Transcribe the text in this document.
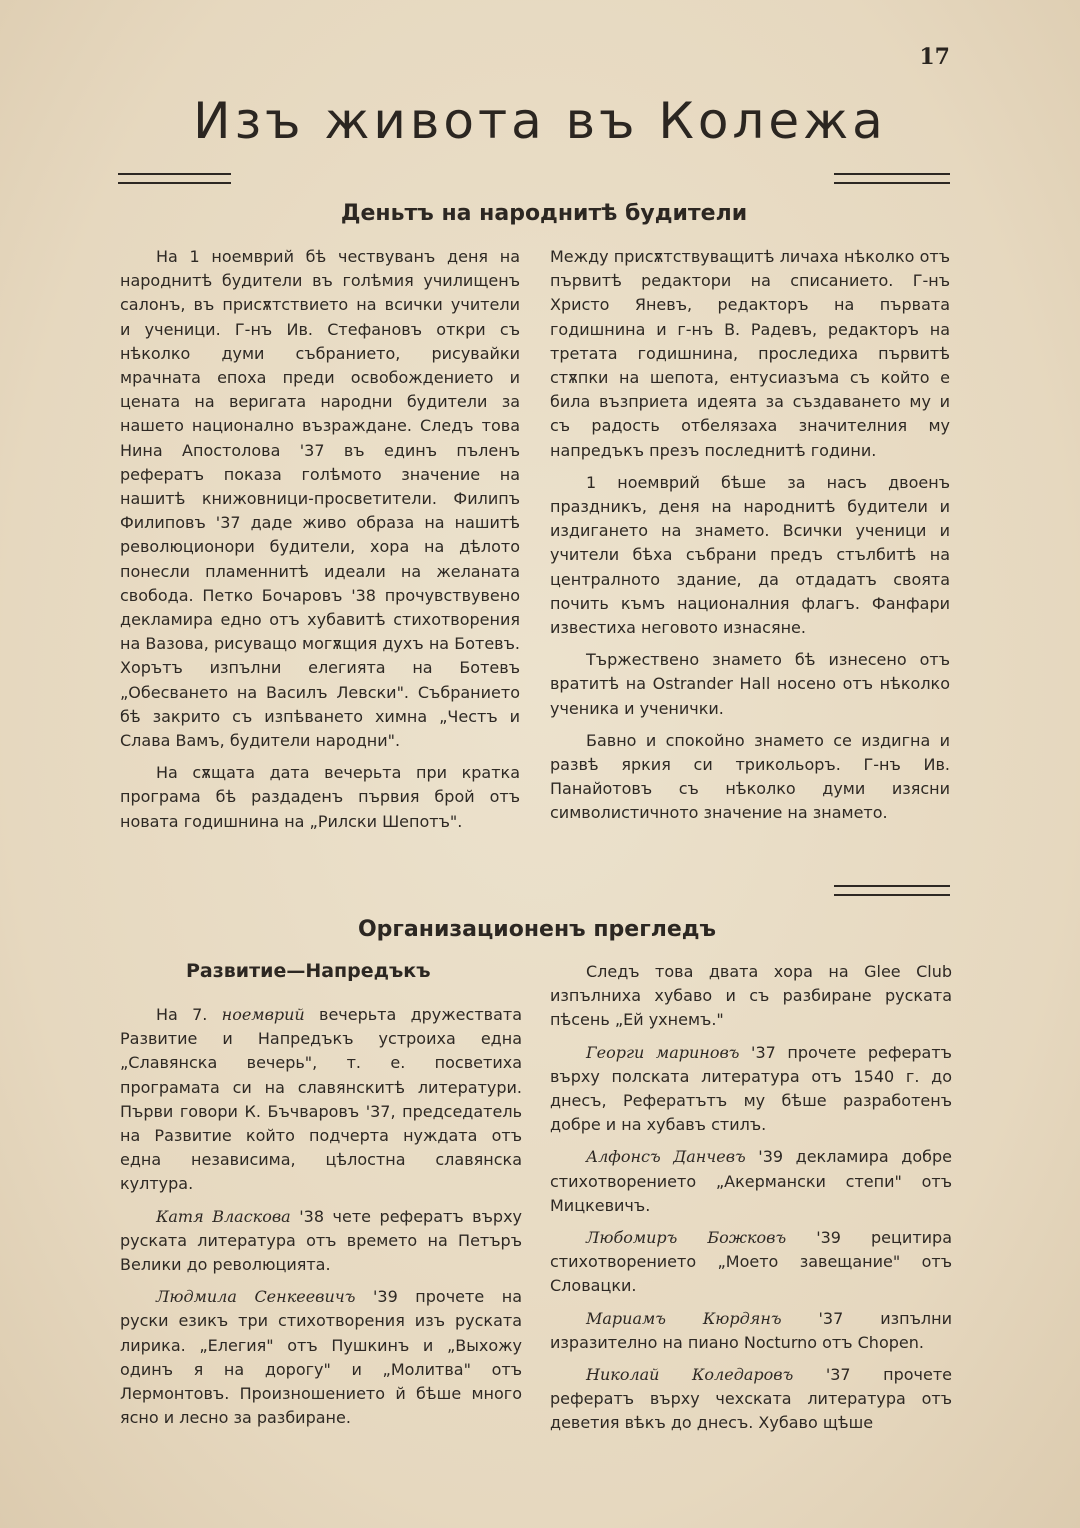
17
Изъ живота въ Колежа
Деньтъ на народнитѣ будители

На 1 ноемврий бѣ чествуванъ деня на народнитѣ будители въ голѣмия училищенъ салонъ, въ присѫтствието на всички учители и ученици. Г-нъ Ив. Стефановъ откри съ нѣколко думи събранието, рисувайки мрачната епоха преди освобождението и цената на веригата народни будители за нашето национално възраждане. Следъ това Нина Апостолова '37 въ единъ пъленъ рефератъ показа голѣмото значение на нашитѣ книжовници-просветители. Филипъ Филиповъ '37 даде живо образа на нашитѣ революционори будители, хора на дѣлото понесли пламеннитѣ идеали на желаната свобода. Петко Бочаровъ '38 прочувствувено декламира едно отъ хубавитѣ стихотворения на Вазова, рисуващо могѫщия духъ на Ботевъ. Хорътъ изпълни елегията на Ботевъ „Обесването на Василъ Левски". Събранието бѣ закрито съ изпѣването химна „Честъ и Слава Вамъ, будители народни".

На сѫщата дата вечерьта при кратка програма бѣ раздаденъ първия брой отъ новата годишнина на „Рилски Шепотъ".

Между присѫтствуващитѣ личаха нѣколко отъ първитѣ редактори на списанието. Г-нъ Христо Яневъ, редакторъ на първата годишнина и г-нъ В. Радевъ, редакторъ на третата годишнина, проследиха първитѣ стѫпки на шепота, ентусиазъма съ който е била възприета идеята за създаването му и съ радость отбелязаха значителния му напредъкъ презъ последнитѣ години.

1 ноемврий бѣше за насъ двоенъ праздникъ, деня на народнитѣ будители и издигането на знамето. Всички ученици и учители бѣха събрани предъ стълбитѣ на централното здание, да отдадатъ своята почить къмъ националния флагъ. Фанфари известиха неговото изнасяне.

Тържествено знамето бѣ изнесено отъ вратитѣ на Ostrander Hall носено отъ нѣколко ученика и ученички.

Бавно и спокойно знамето се издигна и развѣ яркия си трикольоръ. Г-нъ Ив. Панайотовъ съ нѣколко думи изясни символистичното значение на знамето.

Организационенъ прегледъ
Развитие—Напредъкъ

На 7. ноемврий вечерьта дружествата Развитие и Напредъкъ устроиха една „Славянска вечерь", т. е. посветиха програмата си на славянскитѣ литератури. Първи говори К. Бъчваровъ '37, председатель на Развитие който подчерта нуждата отъ една независима, цѣлостна славянска култура.

Катя Власкова '38 чете рефератъ върху руската литература отъ времето на Петъръ Велики до революцията.

Людмила Сенкеевичъ '39 прочете на руски езикъ три стихотворения изъ руската лирика. „Елегия" отъ Пушкинъ и „Выхожу одинъ я на дорогу" и „Молитва" отъ Лермонтовъ. Произношението й бѣше много ясно и лесно за разбиране.

Следъ това двата хора на Glee Club изпълниха хубаво и съ разбиране руската пѣсень „Ей ухнемъ."

Георги мариновъ '37 прочете рефератъ върху полската литература отъ 1540 г. до днесъ, Рефератътъ му бѣше разработенъ добре и на хубавъ стилъ.

Алфонсъ Данчевъ '39 декламира добре стихотворението „Акермански степи" отъ Мицкевичъ.

Любомиръ Божковъ '39 рецитира стихотворението „Моето завещание" отъ Словацки.

Мариамъ Кюрдянъ '37 изпълни изразително на пиано Nocturno отъ Chopen.

Николай Коледаровъ '37 прочете рефератъ върху чехската литература отъ деветия вѣкъ до днесъ. Хубаво щѣше
